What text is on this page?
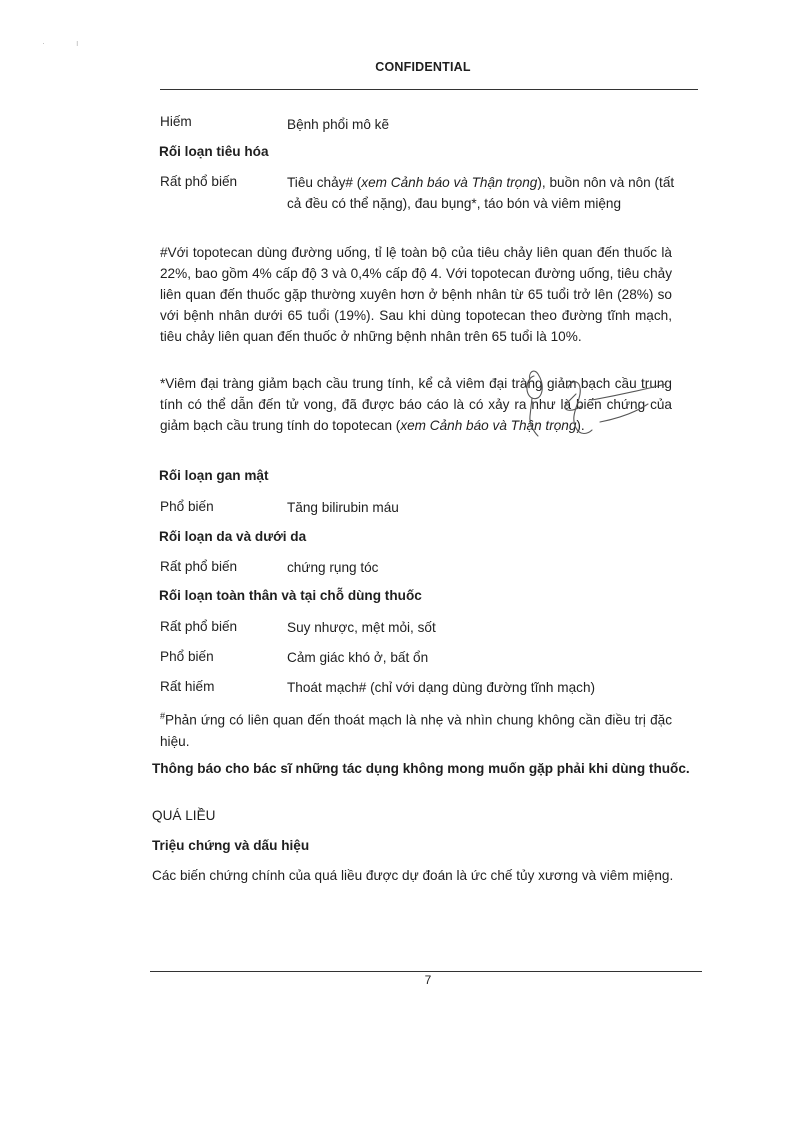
·	ı
CONFIDENTIAL
Hiếm	Bệnh phổi mô kẽ
Rối loạn tiêu hóa
Rất phổ biến	Tiêu chảy# (xem Cảnh báo và Thận trọng), buồn nôn và nôn (tất cả đều có thể nặng), đau bụng*, táo bón và viêm miệng
#Với topotecan dùng đường uống, tỉ lệ toàn bộ của tiêu chảy liên quan đến thuốc là 22%, bao gồm 4% cấp độ 3 và 0,4% cấp độ 4. Với topotecan đường uống, tiêu chảy liên quan đến thuốc gặp thường xuyên hơn ở bệnh nhân từ 65 tuổi trở lên (28%) so với bệnh nhân dưới 65 tuổi (19%). Sau khi dùng topotecan theo đường tĩnh mạch, tiêu chảy liên quan đến thuốc ở những bệnh nhân trên 65 tuổi là 10%.
*Viêm đại tràng giảm bạch cầu trung tính, kể cả viêm đại tràng giảm bạch cầu trung tính có thể dẫn đến tử vong, đã được báo cáo là có xảy ra như là biến chứng của giảm bạch cầu trung tính do topotecan (xem Cảnh báo và Thận trọng).
Rối loạn gan mật
Phổ biến	Tăng bilirubin máu
Rối loạn da và dưới da
Rất phổ biến	chứng rụng tóc
Rối loạn toàn thân và tại chỗ dùng thuốc
Rất phổ biến	Suy nhược, mệt mỏi, sốt
Phổ biến	Cảm giác khó ở, bất ổn
Rất hiếm	Thoát mạch# (chỉ với dạng dùng đường tĩnh mạch)
#Phản ứng có liên quan đến thoát mạch là nhẹ và nhìn chung không cần điều trị đặc hiệu.
Thông báo cho bác sĩ những tác dụng không mong muốn gặp phải khi dùng thuốc.
QUÁ LIỀU
Triệu chứng và dấu hiệu
Các biến chứng chính của quá liều được dự đoán là ức chế tủy xương và viêm miệng.
7
